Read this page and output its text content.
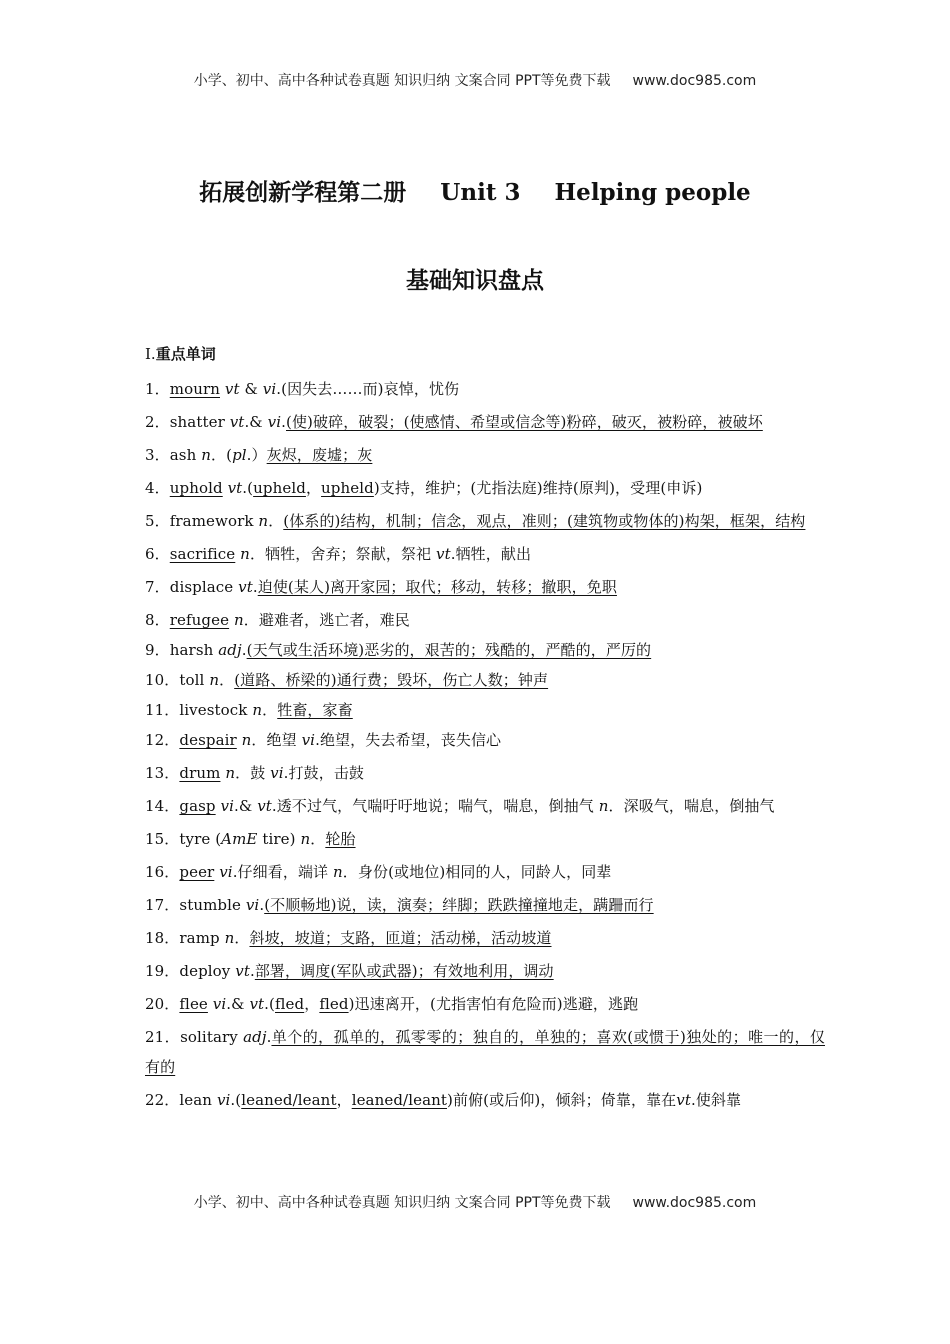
小学、初中、高中各种试卷真题 知识归纳 文案合同 PPT等免费下载 www.doc985.com
拓展创新学程第二册 Unit 3 Helping people
基础知识盘点
Ⅰ.重点单词
1．mourn vt & vi.(因失去……而)哀悼，忧伤
2．shatter vt.& vi.(使)破碎，破裂；(使感情、希望或信念等)粉碎，破灭，被粉碎，被破坏
3．ash n．(pl.）灰烬，废墟；灰
4．uphold vt.(upheld，upheld)支持，维护；(尤指法庭)维持(原判)，受理(申诉)
5．framework n．(体系的)结构，机制；信念，观点，准则；(建筑物或物体的)构架，框架，结构
6．sacrifice n．牺牲，舍弃；祭献，祭祀 vt.牺牲，献出
7．displace vt.迫使(某人)离开家园；取代；移动，转移；撤职，免职
8．refugee n．避难者，逃亡者，难民
9．harsh adj.(天气或生活环境)恶劣的，艰苦的；残酷的，严酷的，严厉的
10．toll n．(道路、桥梁的)通行费；毁坏，伤亡人数；钟声
11．livestock n．牲畜，家畜
12．despair n．绝望 vi.绝望，失去希望，丧失信心
13．drum n．鼓 vi.打鼓，击鼓
14．gasp vi.& vt.透不过气，气喘吁吁地说；喘气，喘息，倒抽气 n．深吸气，喘息，倒抽气
15．tyre (AmE tire) n．轮胎
16．peer vi.仔细看，端详 n．身份(或地位)相同的人，同龄人，同辈
17．stumble vi.(不顺畅地)说，读，演奏；绊脚；跌跌撞撞地走，蹒跚而行
18．ramp n．斜坡，坡道；支路，匝道；活动梯，活动坡道
19．deploy vt.部署，调度(军队或武器)；有效地利用，调动
20．flee vi.& vt.(fled，fled)迅速离开，(尤指害怕有危险而)逃避，逃跑
21．solitary adj.单个的，孤单的，孤零零的；独自的，单独的；喜欢(或惯于)独处的；唯一的，仅有的
22．lean vi.(leaned/leant，leaned/leant)前俯(或后仰)，倾斜；倚靠，靠在vt.使斜靠
小学、初中、高中各种试卷真题 知识归纳 文案合同 PPT等免费下载 www.doc985.com
